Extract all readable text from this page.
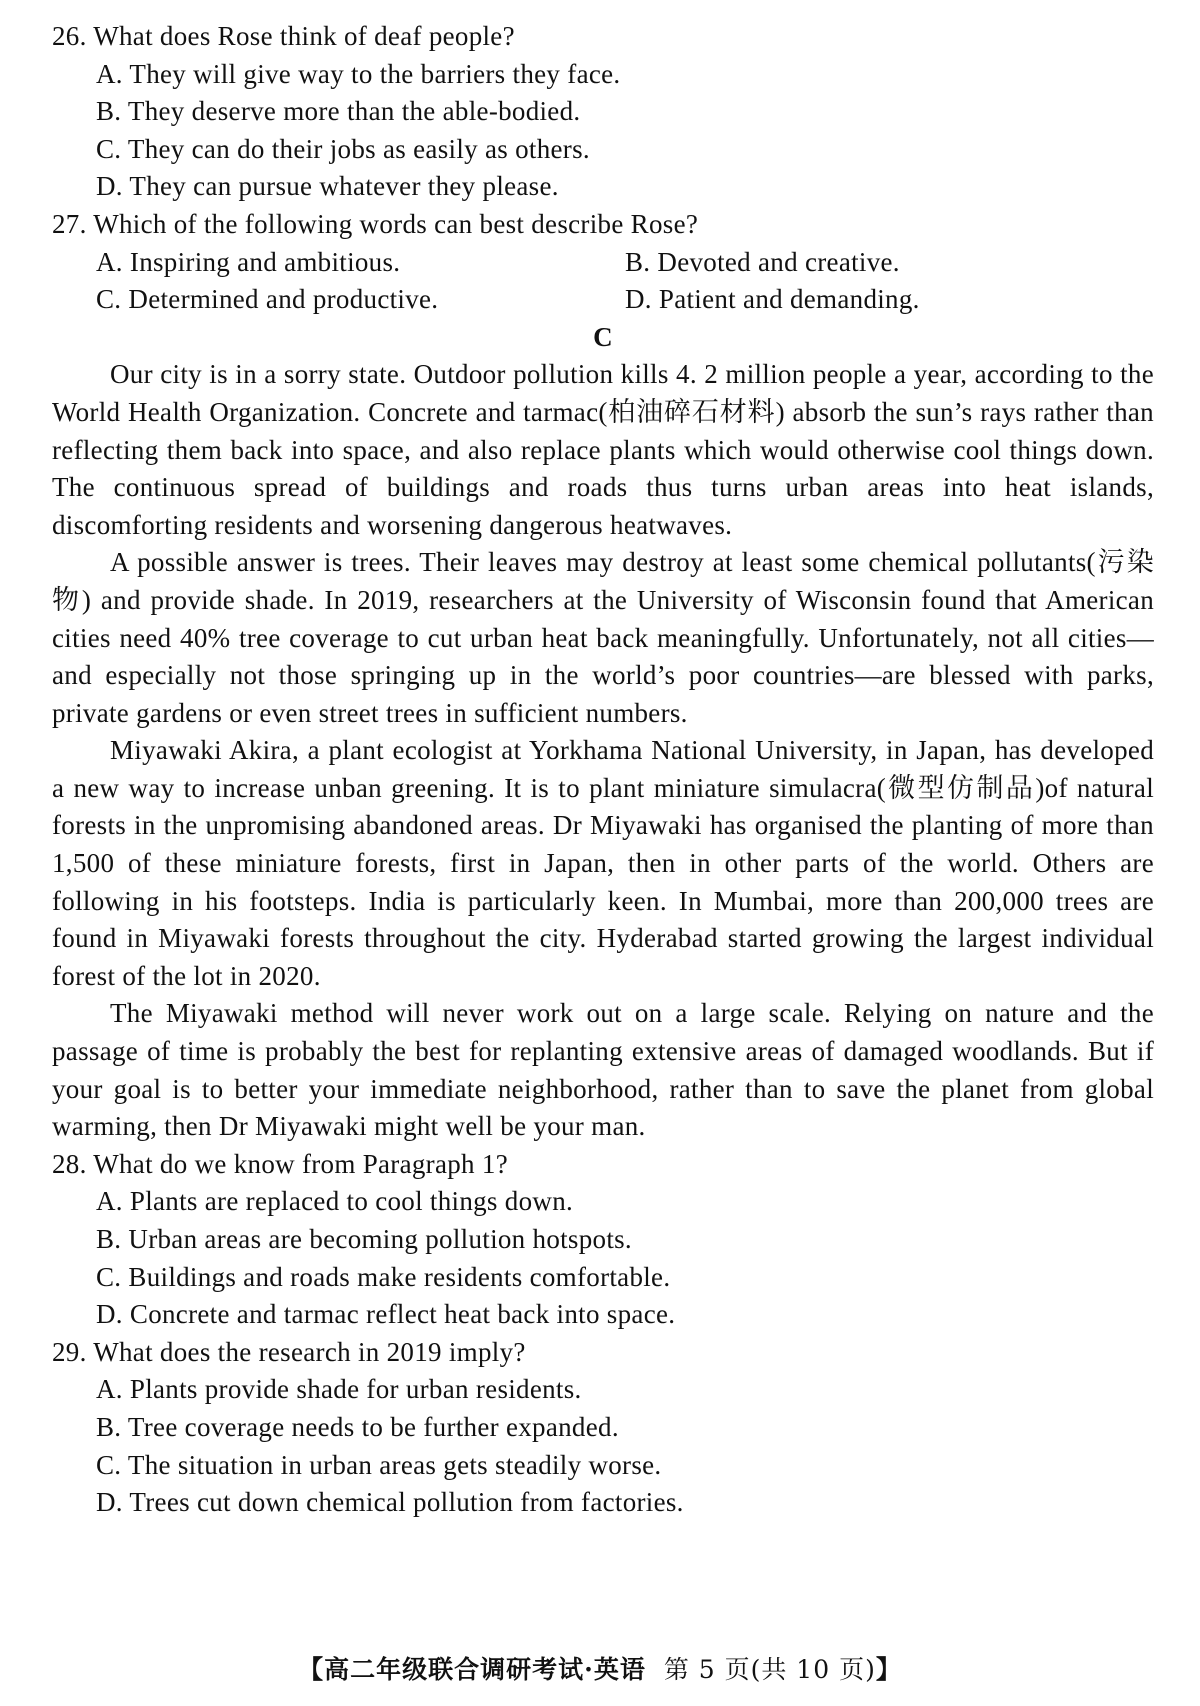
26. What does Rose think of deaf people?

A. They will give way to the barriers they face.

B. They deserve more than the able-bodied.

C. They can do their jobs as easily as others.

D. They can pursue whatever they please.

27. Which of the following words can best describe Rose?

A. Inspiring and ambitious.	B. Devoted and creative.
C. Determined and productive.	D. Patient and demanding.

C

Our city is in a sorry state. Outdoor pollution kills 4. 2 million people a year, according to the World Health Organization. Concrete and tarmac(柏油碎石材料) absorb the sun’s rays rather than reflecting them back into space, and also replace plants which would otherwise cool things down. The continuous spread of buildings and roads thus turns urban areas into heat islands, discomforting residents and worsening dangerous heatwaves.

A possible answer is trees. Their leaves may destroy at least some chemical pollutants(污染物) and provide shade. In 2019, researchers at the University of Wisconsin found that American cities need 40% tree coverage to cut urban heat back meaningfully. Unfortunately, not all cities—and especially not those springing up in the world’s poor countries—are blessed with parks, private gardens or even street trees in sufficient numbers.

Miyawaki Akira, a plant ecologist at Yorkhama National University, in Japan, has developed a new way to increase unban greening. It is to plant miniature simulacra(微型仿制品)of natural forests in the unpromising abandoned areas. Dr Miyawaki has organised the planting of more than 1,500 of these miniature forests, first in Japan, then in other parts of the world. Others are following in his footsteps. India is particularly keen. In Mumbai, more than 200,000 trees are found in Miyawaki forests throughout the city. Hyderabad started growing the largest individual forest of the lot in 2020.

The Miyawaki method will never work out on a large scale. Relying on nature and the passage of time is probably the best for replanting extensive areas of damaged woodlands. But if your goal is to better your immediate neighborhood, rather than to save the planet from global warming, then Dr Miyawaki might well be your man.

28. What do we know from Paragraph 1?

A. Plants are replaced to cool things down.

B. Urban areas are becoming pollution hotspots.

C. Buildings and roads make residents comfortable.

D. Concrete and tarmac reflect heat back into space.

29. What does the research in 2019 imply?

A. Plants provide shade for urban residents.

B. Tree coverage needs to be further expanded.

C. The situation in urban areas gets steadily worse.

D. Trees cut down chemical pollution from factories.

【高二年级联合调研考试·英语 第 5 页(共 10 页)】
